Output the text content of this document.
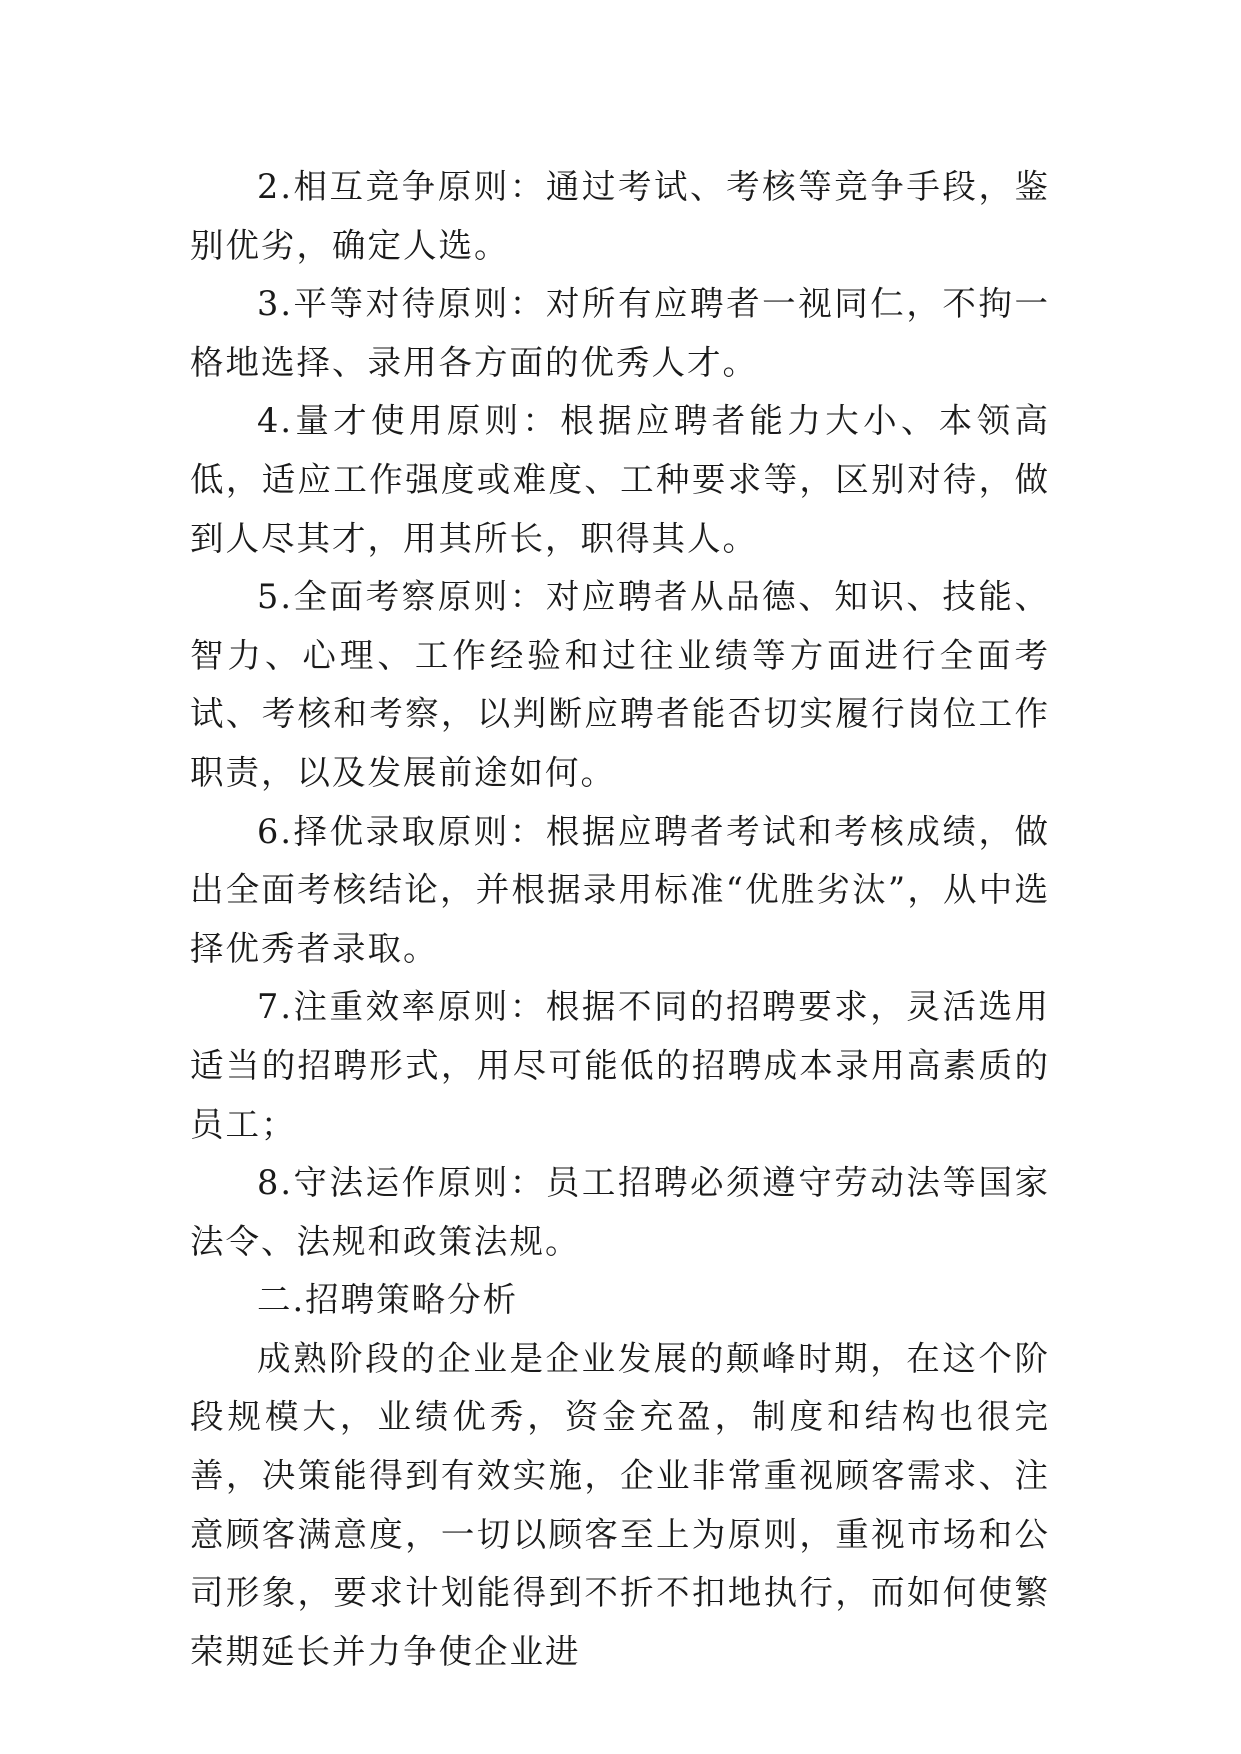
2.相互竞争原则：通过考试、考核等竞争手段，鉴别优劣，确定人选。

3.平等对待原则：对所有应聘者一视同仁，不拘一格地选择、录用各方面的优秀人才。

4.量才使用原则：根据应聘者能力大小、本领高低，适应工作强度或难度、工种要求等，区别对待，做到人尽其才，用其所长，职得其人。

5.全面考察原则：对应聘者从品德、知识、技能、智力、心理、工作经验和过往业绩等方面进行全面考试、考核和考察，以判断应聘者能否切实履行岗位工作职责，以及发展前途如何。

6.择优录取原则：根据应聘者考试和考核成绩，做出全面考核结论，并根据录用标准“优胜劣汰”，从中选择优秀者录取。

7.注重效率原则：根据不同的招聘要求，灵活选用适当的招聘形式，用尽可能低的招聘成本录用高素质的员工；

8.守法运作原则：员工招聘必须遵守劳动法等国家法令、法规和政策法规。

二.招聘策略分析

成熟阶段的企业是企业发展的颠峰时期，在这个阶段规模大，业绩优秀，资金充盈，制度和结构也很完善，决策能得到有效实施，企业非常重视顾客需求、注意顾客满意度，一切以顾客至上为原则，重视市场和公司形象，要求计划能得到不折不扣地执行，而如何使繁荣期延长并力争使企业进
